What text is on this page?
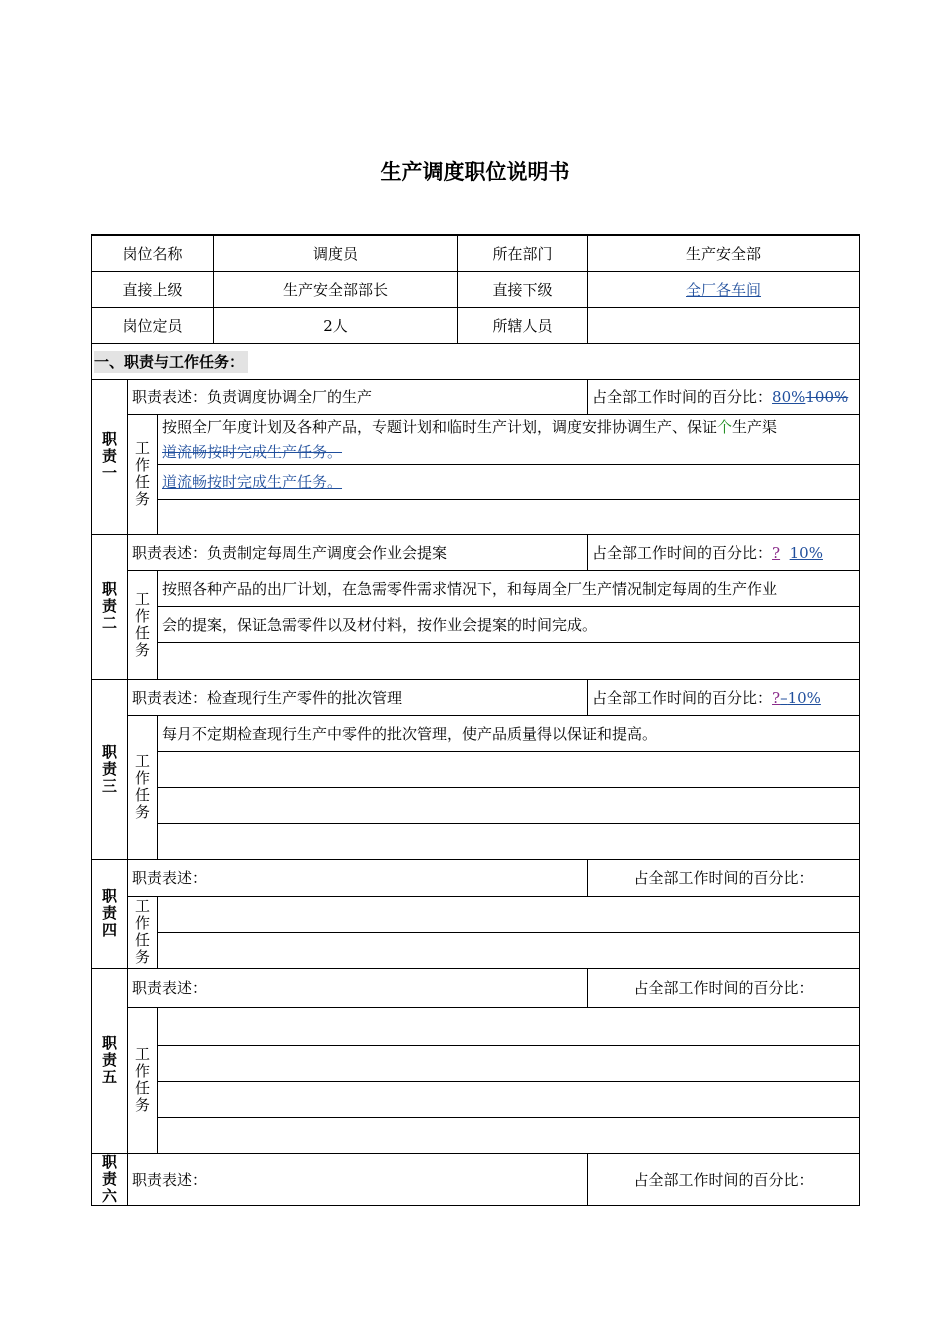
生产调度职位说明书
岗位名称			调度员	所在部门	生产安全部
直接上级			生产安全部部长	直接下级	全厂各车间
岗位定员			2人	所辖人员	
一、职责与工作任务：					
职
责
一	职责表述：负责调度协调全厂的生产				占全部工作时间的百分比：80%100%
	工
作
任
务	按照全厂年度计划及各种产品，专题计划和临时生产计划，调度安排协调生产、保证个生产渠			
		道流畅按时完成生产任务。			
		道流畅按时完成生产任务。			

职
责
二	职责表述：负责制定每周生产调度会作业会提案				占全部工作时间的百分比：? 10%
	工
作
任
务	按照各种产品的出厂计划，在急需零件需求情况下，和每周全厂生产情况制定每周的生产作业			
		会的提案，保证急需零件以及材付料，按作业会提案的时间完成。			

职
责
三	职责表述：检查现行生产零件的批次管理				占全部工作时间的百分比：?–10%
	工
作
任
务	每月不定期检查现行生产中零件的批次管理，使产品质量得以保证和提高。			

职
责
四	职责表述：				占全部工作时间的百分比：
	工
作
任
务				

职
责
五	职责表述：				占全部工作时间的百分比：
	工
作
任
务				

职
责
六	职责表述：				占全部工作时间的百分比：
